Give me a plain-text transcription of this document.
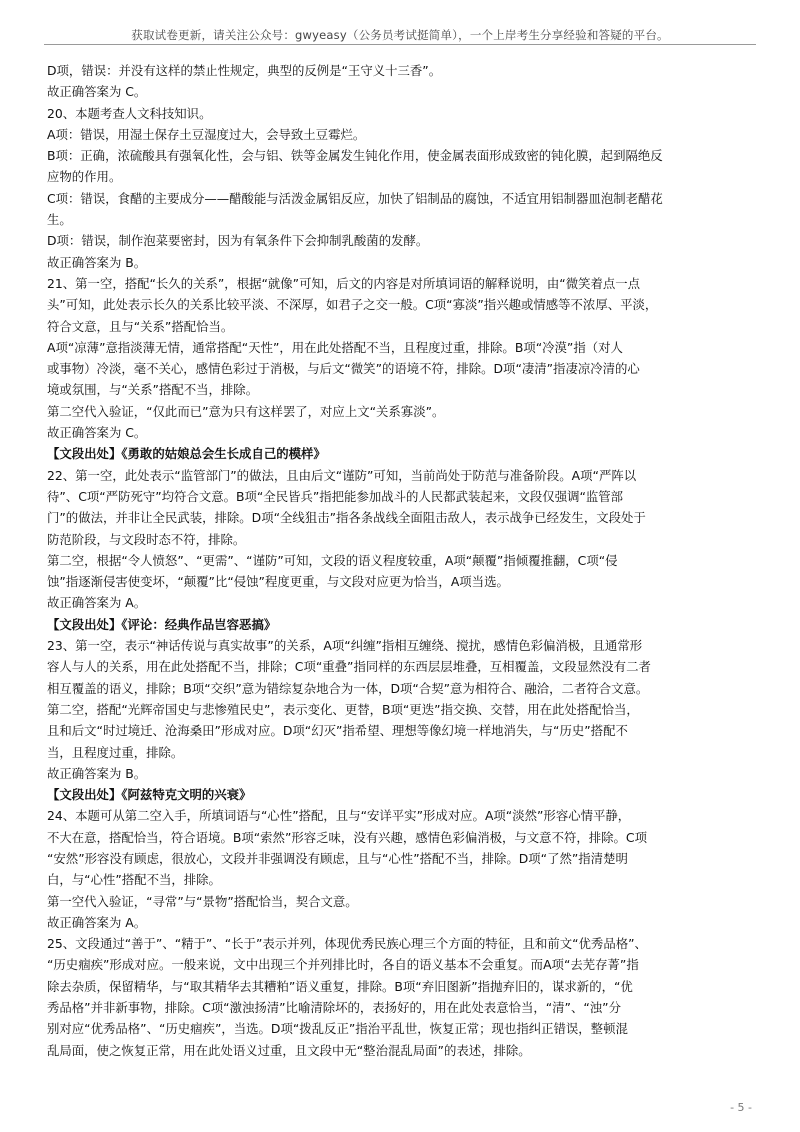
获取试卷更新，请关注公众号：gwyeasy（公务员考试挺简单），一个上岸考生分享经验和答疑的平台。
D项，错误：并没有这样的禁止性规定，典型的反例是“王守义十三香”。
故正确答案为 C。
20、本题考查人文科技知识。
A项：错误，用湿土保存土豆湿度过大，会导致土豆霉烂。
B项：正确，浓硫酸具有强氧化性，会与铝、铁等金属发生钝化作用，使金属表面形成致密的钝化膜，起到隔绝反
应物的作用。
C项：错误，食醋的主要成分——醋酸能与活泼金属铝反应，加快了铝制品的腐蚀，不适宜用铝制器皿泡制老醋花
生。
D项：错误，制作泡菜要密封，因为有氧条件下会抑制乳酸菌的发酵。
故正确答案为 B。
21、第一空，搭配“长久的关系”，根据“就像”可知，后文的内容是对所填词语的解释说明，由“微笑着点一点
头”可知，此处表示长久的关系比较平淡、不深厚，如君子之交一般。C项“寡淡”指兴趣或情感等不浓厚、平淡，
符合文意，且与“关系”搭配恰当。
A项“凉薄”意指淡薄无情，通常搭配“天性”，用在此处搭配不当，且程度过重，排除。B项“冷漠”指（对人
或事物）冷淡，毫不关心，感情色彩过于消极，与后文“微笑”的语境不符，排除。D项“凄清”指凄凉冷清的心
境或氛围，与“关系”搭配不当，排除。
第二空代入验证，“仅此而已”意为只有这样罢了，对应上文“关系寡淡”。
故正确答案为 C。
【文段出处】《勇敢的姑娘总会生长成自己的模样》
22、第一空，此处表示“监管部门”的做法，且由后文“谨防”可知，当前尚处于防范与准备阶段。A项“严阵以
待”、C项“严防死守”均符合文意。B项“全民皆兵”指把能参加战斗的人民都武装起来，文段仅强调“监管部
门”的做法，并非让全民武装，排除。D项“全线狙击”指各条战线全面阻击敌人，表示战争已经发生，文段处于
防范阶段，与文段时态不符，排除。
第二空，根据“令人愤怒”、“更需”、“谨防”可知，文段的语义程度较重，A项“颠覆”指倾覆推翻，C项“侵
蚀”指逐渐侵害使变坏，“颠覆”比“侵蚀”程度更重，与文段对应更为恰当，A项当选。
故正确答案为 A。
【文段出处】《评论：经典作品岂容恶搞》
23、第一空，表示“神话传说与真实故事”的关系，A项“纠缠”指相互缠绕、搅扰，感情色彩偏消极，且通常形
容人与人的关系，用在此处搭配不当，排除；C项“重叠”指同样的东西层层堆叠，互相覆盖，文段显然没有二者
相互覆盖的语义，排除；B项“交织”意为错综复杂地合为一体，D项“合契”意为相符合、融洽，二者符合文意。
第二空，搭配“光辉帝国史与悲惨殖民史”，表示变化、更替，B项“更迭”指交换、交替，用在此处搭配恰当，
且和后文“时过境迁、沧海桑田”形成对应。D项“幻灭”指希望、理想等像幻境一样地消失，与“历史”搭配不
当，且程度过重，排除。
故正确答案为 B。
【文段出处】《阿兹特克文明的兴衰》
24、本题可从第二空入手，所填词语与“心性”搭配，且与“安详平实”形成对应。A项“淡然”形容心情平静，
不大在意，搭配恰当，符合语境。B项“索然”形容乏味，没有兴趣，感情色彩偏消极，与文意不符，排除。C项
“安然”形容没有顾虑，很放心，文段并非强调没有顾虑，且与“心性”搭配不当，排除。D项“了然”指清楚明
白，与“心性”搭配不当，排除。
第一空代入验证，“寻常”与“景物”搭配恰当，契合文意。
故正确答案为 A。
25、文段通过“善于”、“精于”、“长于”表示并列，体现优秀民族心理三个方面的特征，且和前文“优秀品格”、
“历史痼疾”形成对应。一般来说，文中出现三个并列排比时，各自的语义基本不会重复。而A项“去芜存菁”指
除去杂质，保留精华，与“取其精华去其糟粕”语义重复，排除。B项“弃旧图新”指抛弃旧的，谋求新的，“优
秀品格”并非新事物，排除。C项“激浊扬清”比喻清除坏的，表扬好的，用在此处表意恰当，“清”、“浊”分
别对应“优秀品格”、“历史痼疾”，当选。D项“拨乱反正”指治平乱世，恢复正常；现也指纠正错误，整顿混
乱局面，使之恢复正常，用在此处语义过重，且文段中无“整治混乱局面”的表述，排除。
- 5 -
